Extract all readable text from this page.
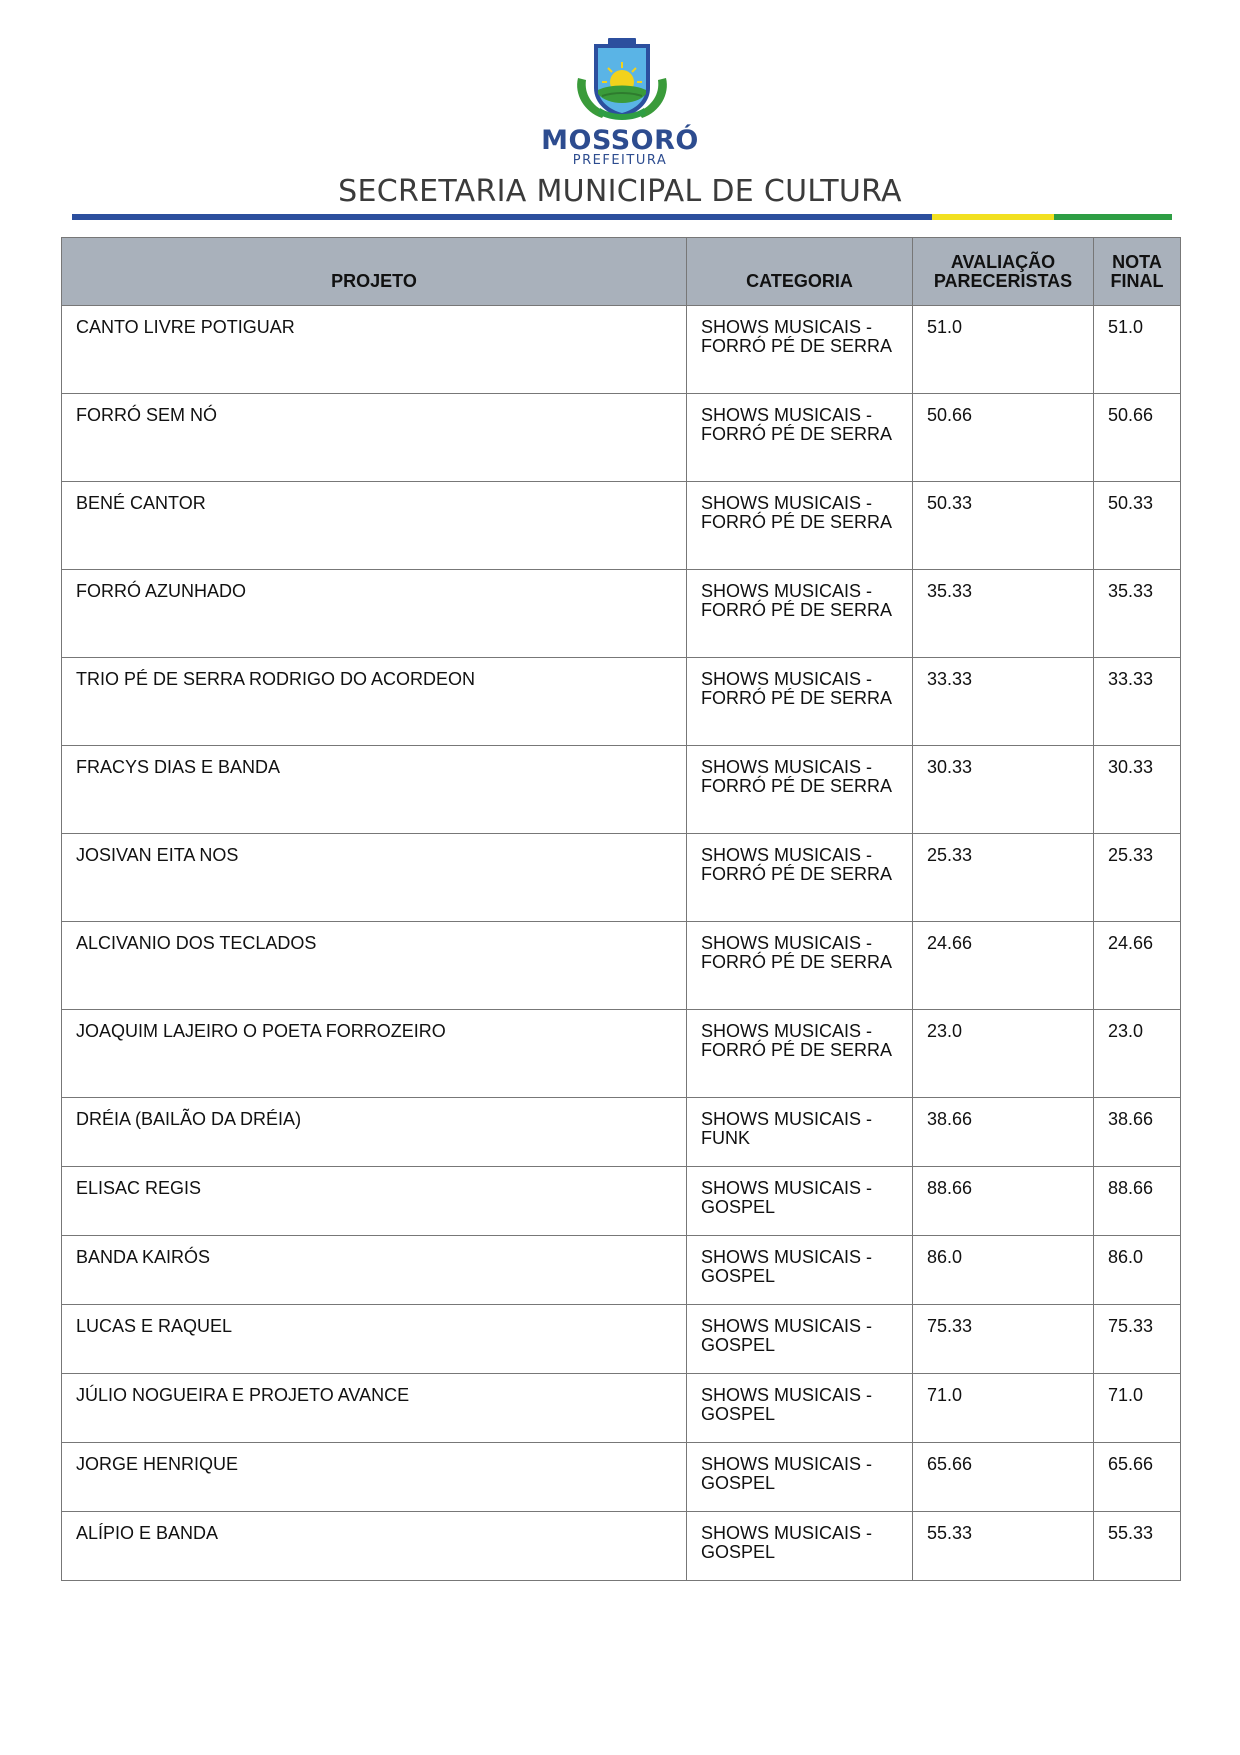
MOSSORÓ
PREFEITURA
SECRETARIA MUNICIPAL DE CULTURA
PROJETO	CATEGORIA	AVALIAÇÃO PARECERISTAS	NOTA FINAL
CANTO LIVRE POTIGUAR	SHOWS MUSICAIS - FORRÓ PÉ DE SERRA	51.0	51.0
FORRÓ SEM NÓ	SHOWS MUSICAIS - FORRÓ PÉ DE SERRA	50.66	50.66
BENÉ CANTOR	SHOWS MUSICAIS - FORRÓ PÉ DE SERRA	50.33	50.33
FORRÓ AZUNHADO	SHOWS MUSICAIS - FORRÓ PÉ DE SERRA	35.33	35.33
TRIO PÉ DE SERRA RODRIGO DO ACORDEON	SHOWS MUSICAIS - FORRÓ PÉ DE SERRA	33.33	33.33
FRACYS DIAS E BANDA	SHOWS MUSICAIS - FORRÓ PÉ DE SERRA	30.33	30.33
JOSIVAN EITA NOS	SHOWS MUSICAIS - FORRÓ PÉ DE SERRA	25.33	25.33
ALCIVANIO DOS TECLADOS	SHOWS MUSICAIS - FORRÓ PÉ DE SERRA	24.66	24.66
JOAQUIM LAJEIRO O POETA FORROZEIRO	SHOWS MUSICAIS - FORRÓ PÉ DE SERRA	23.0	23.0
DRÉIA (BAILÃO DA DRÉIA)	SHOWS MUSICAIS - FUNK	38.66	38.66
ELISAC REGIS	SHOWS MUSICAIS - GOSPEL	88.66	88.66
BANDA KAIRÓS	SHOWS MUSICAIS - GOSPEL	86.0	86.0
LUCAS E RAQUEL	SHOWS MUSICAIS - GOSPEL	75.33	75.33
JÚLIO NOGUEIRA E PROJETO AVANCE	SHOWS MUSICAIS - GOSPEL	71.0	71.0
JORGE HENRIQUE	SHOWS MUSICAIS - GOSPEL	65.66	65.66
ALÍPIO E BANDA	SHOWS MUSICAIS - GOSPEL	55.33	55.33
